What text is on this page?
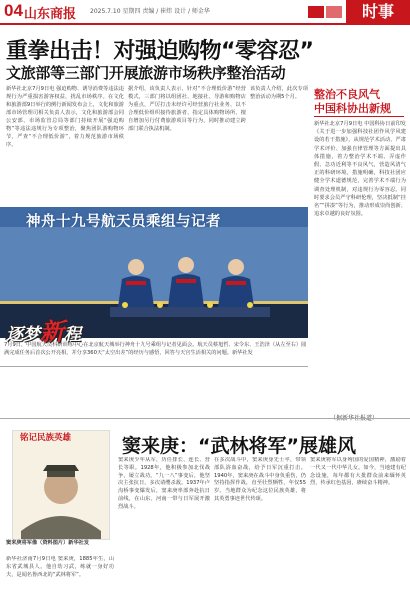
04 山东商报 2025.7.10 星期四 责编 / 崔炜 设计 / 师金华	时事
重拳出击！对强迫购物“零容忍”
文旅部等三部门开展旅游市场秩序整治活动
新华社北京7月9日电 强迫购物、诱导消费等违法违规行为严重损害游客权益，扰乱市场秩序。在文化和旅游部9日举行的例行新闻发布会上，文化和旅游部市场管理司相关负责人表示，文化和旅游部会同公安部、市场监管总局等部门持续开展“强迫购物”等违法违规行为专项整治，聚焦团队游购物环节，严查“不合理低价游”，着力规范旅游市场秩序。
据介绍，该负责人表示，针对“不合理低价游”经营模式，三部门将以组团社、地接社、导游和购物店为重点，严厉打击未经许可经营旅行社业务、以不合理低价组织接待旅游者、指定具体购物场所、擅自增加另行付费旅游项目等行为，同时推动建立跨部门联合执法机制。
该负责人介绍，此次专项整治活动为期5个月。	整治不良风气
中国科协出新规
新华社北京7月9日电 中国科协日前印发《关于进一步加强科技社团作风学风建设的若干措施》，从规范学术活动、严肃学术评价、加强自律管理等方面提出具体措施，着力整治学术不端、弄虚作假、急功近利等不良风气，营造风清气正的科研环境。措施明确，科技社团应健全学术道德规范，完善学术不端行为调查处理机制，对违规行为零容忍。同时要求会员严守科研伦理，坚决抵制“挂名”“拼凑”等行为，推动形成崇尚创新、追求卓越的良好氛围。
神舟十九号航天员乘组与记者
逐梦新程
7月9日，中国航天员科研训练中心在北京航天城举行神舟十九号乘组与记者见面会。航天员蔡旭哲、宋令东、王浩泽（从左至右）圆满完成任务后首次公开亮相，并分享360天“太空出差”的经历与感悟，回答与天宫生活相关的问题。新华社发
铭记民族英雄
窦来庚将军像（资料图片）新华社发
窦来庚：“武林将军”展雄风
新华社济南7月9日电 窦来庚，1885年生，山东省武城县人。他自幼习武，练就一身好功夫，是闻名鲁西北的“武林将军”。
窦来庚少年从军，历任排长、连长、营长等职。1928年，他积极参加北伐战争，屡立战功。“九一八”事变后，他坚决主张抗日，多次请缨杀敌。1937年卢沟桥事变爆发后，窦来庚率部奔赴抗日前线，在山东、河南一带与日军展开激烈战斗。
在多次战斗中，窦来庚身先士卒，带领部队浴血奋战，给予日军沉重打击。1940年，窦来庚在战斗中身负重伤，仍坚持指挥作战，直至壮烈牺牲，年仅55岁。当地群众为纪念这位民族英雄，将其英勇事迹世代传颂。
窦来庚将军以身殉国的爱国精神，激励着一代又一代中华儿女。如今，当地建有纪念设施，每年都有大批群众前来缅怀英烈，传承红色基因，赓续奋斗精神。
